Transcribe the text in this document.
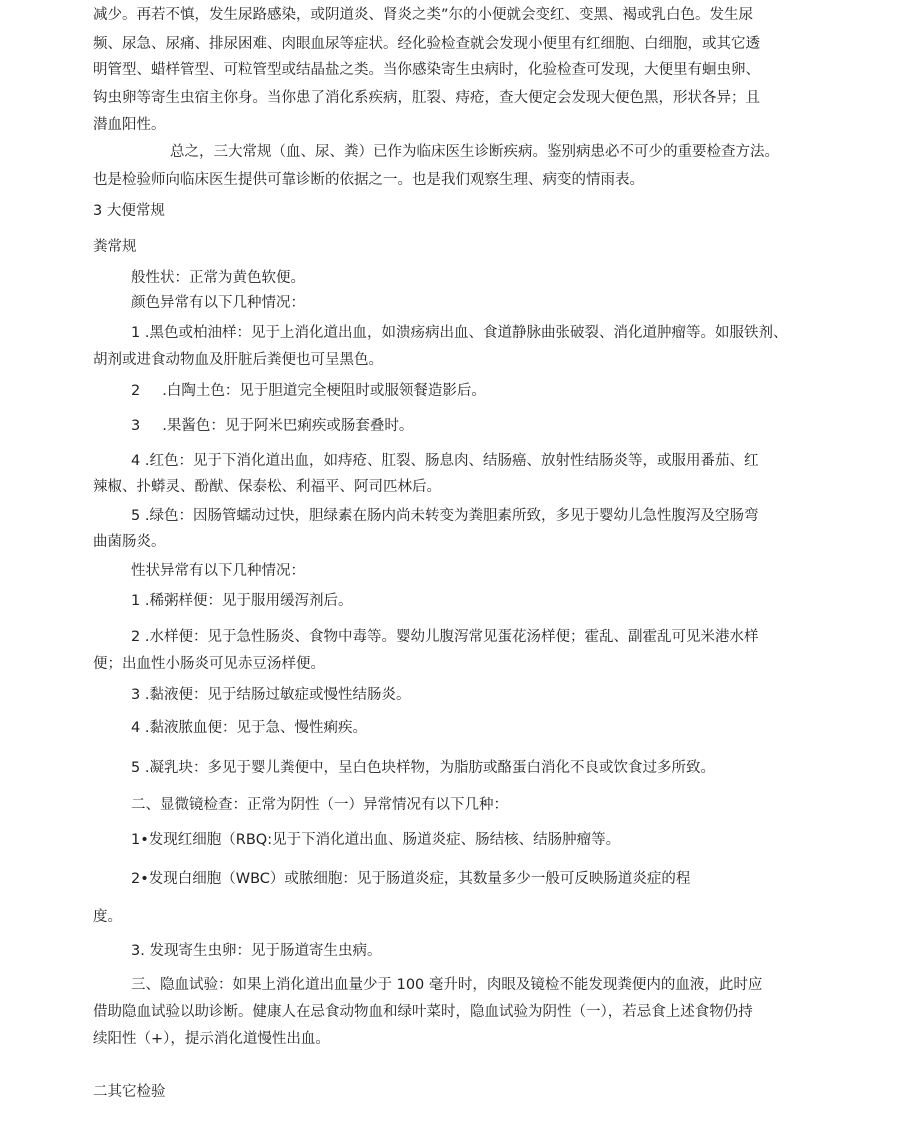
减少。再若不慎，发生尿路感染，或阴道炎、肾炎之类”尔的小便就会变红、变黑、褐或乳白色。发生尿
频、尿急、尿痛、排尿困难、肉眼血尿等症状。经化验检查就会发现小便里有红细胞、白细胞，或其它透
明管型、蜡样管型、可粒管型或结晶盐之类。当你感染寄生虫病时，化验检查可发现，大便里有蛔虫卵、
钩虫卵等寄生虫宿主你身。当你患了消化系疾病，肛裂、痔疮，查大便定会发现大便色黑，形状各异；且
潜血阳性。
总之，三大常规（血、尿、粪）已作为临床医生诊断疾病。鉴别病患必不可少的重要检查方法。
也是检验师向临床医生提供可靠诊断的依据之一。也是我们观察生理、病变的情雨表。
3 大便常规
粪常规
般性状：正常为黄色软便。
颜色异常有以下几种情况：
1 .黑色或柏油样：见于上消化道出血，如溃疡病出血、食道静脉曲张破裂、消化道肿瘤等。如服铁剂、
胡剂或进食动物血及肝脏后粪便也可呈黑色。
2 .白陶土色：见于胆道完全梗阻时或服领餐造影后。
3 .果酱色：见于阿米巴痢疾或肠套叠时。
4 .红色：见于下消化道出血，如痔疮、肛裂、肠息肉、结肠癌、放射性结肠炎等，或服用番茄、红
辣椒、扑蟒灵、酚猷、保泰松、利福平、阿司匹林后。
5 .绿色：因肠管蠕动过快，胆绿素在肠内尚未转变为粪胆素所致，多见于婴幼儿急性腹泻及空肠弯
曲菌肠炎。
性状异常有以下几种情况：
1 .稀粥样便：见于服用缓泻剂后。
2 .水样便：见于急性肠炎、食物中毒等。婴幼儿腹泻常见蛋花汤样便；霍乱、副霍乱可见米港水样
便；出血性小肠炎可见赤豆汤样便。
3 .黏液便：见于结肠过敏症或慢性结肠炎。
4 .黏液脓血便：见于急、慢性痢疾。
5 .凝乳块：多见于婴儿粪便中，呈白色块样物，为脂肪或酪蛋白消化不良或饮食过多所致。
二、显微镜检查：正常为阴性（一）异常情况有以下几种：
1•发现红细胞（RBQ:见于下消化道出血、肠道炎症、肠结核、结肠肿瘤等。
2•发现白细胞（WBC）或脓细胞：见于肠道炎症，其数量多少一般可反映肠道炎症的程
度。
3. 发现寄生虫卵：见于肠道寄生虫病。
三、隐血试验：如果上消化道出血量少于 100 毫升时，肉眼及镜检不能发现粪便内的血液，此时应
借助隐血试验以助诊断。健康人在忌食动物血和绿叶菜时，隐血试验为阴性（一），若忌食上述食物仍持
续阳性（+），提示消化道慢性出血。
二其它检验
